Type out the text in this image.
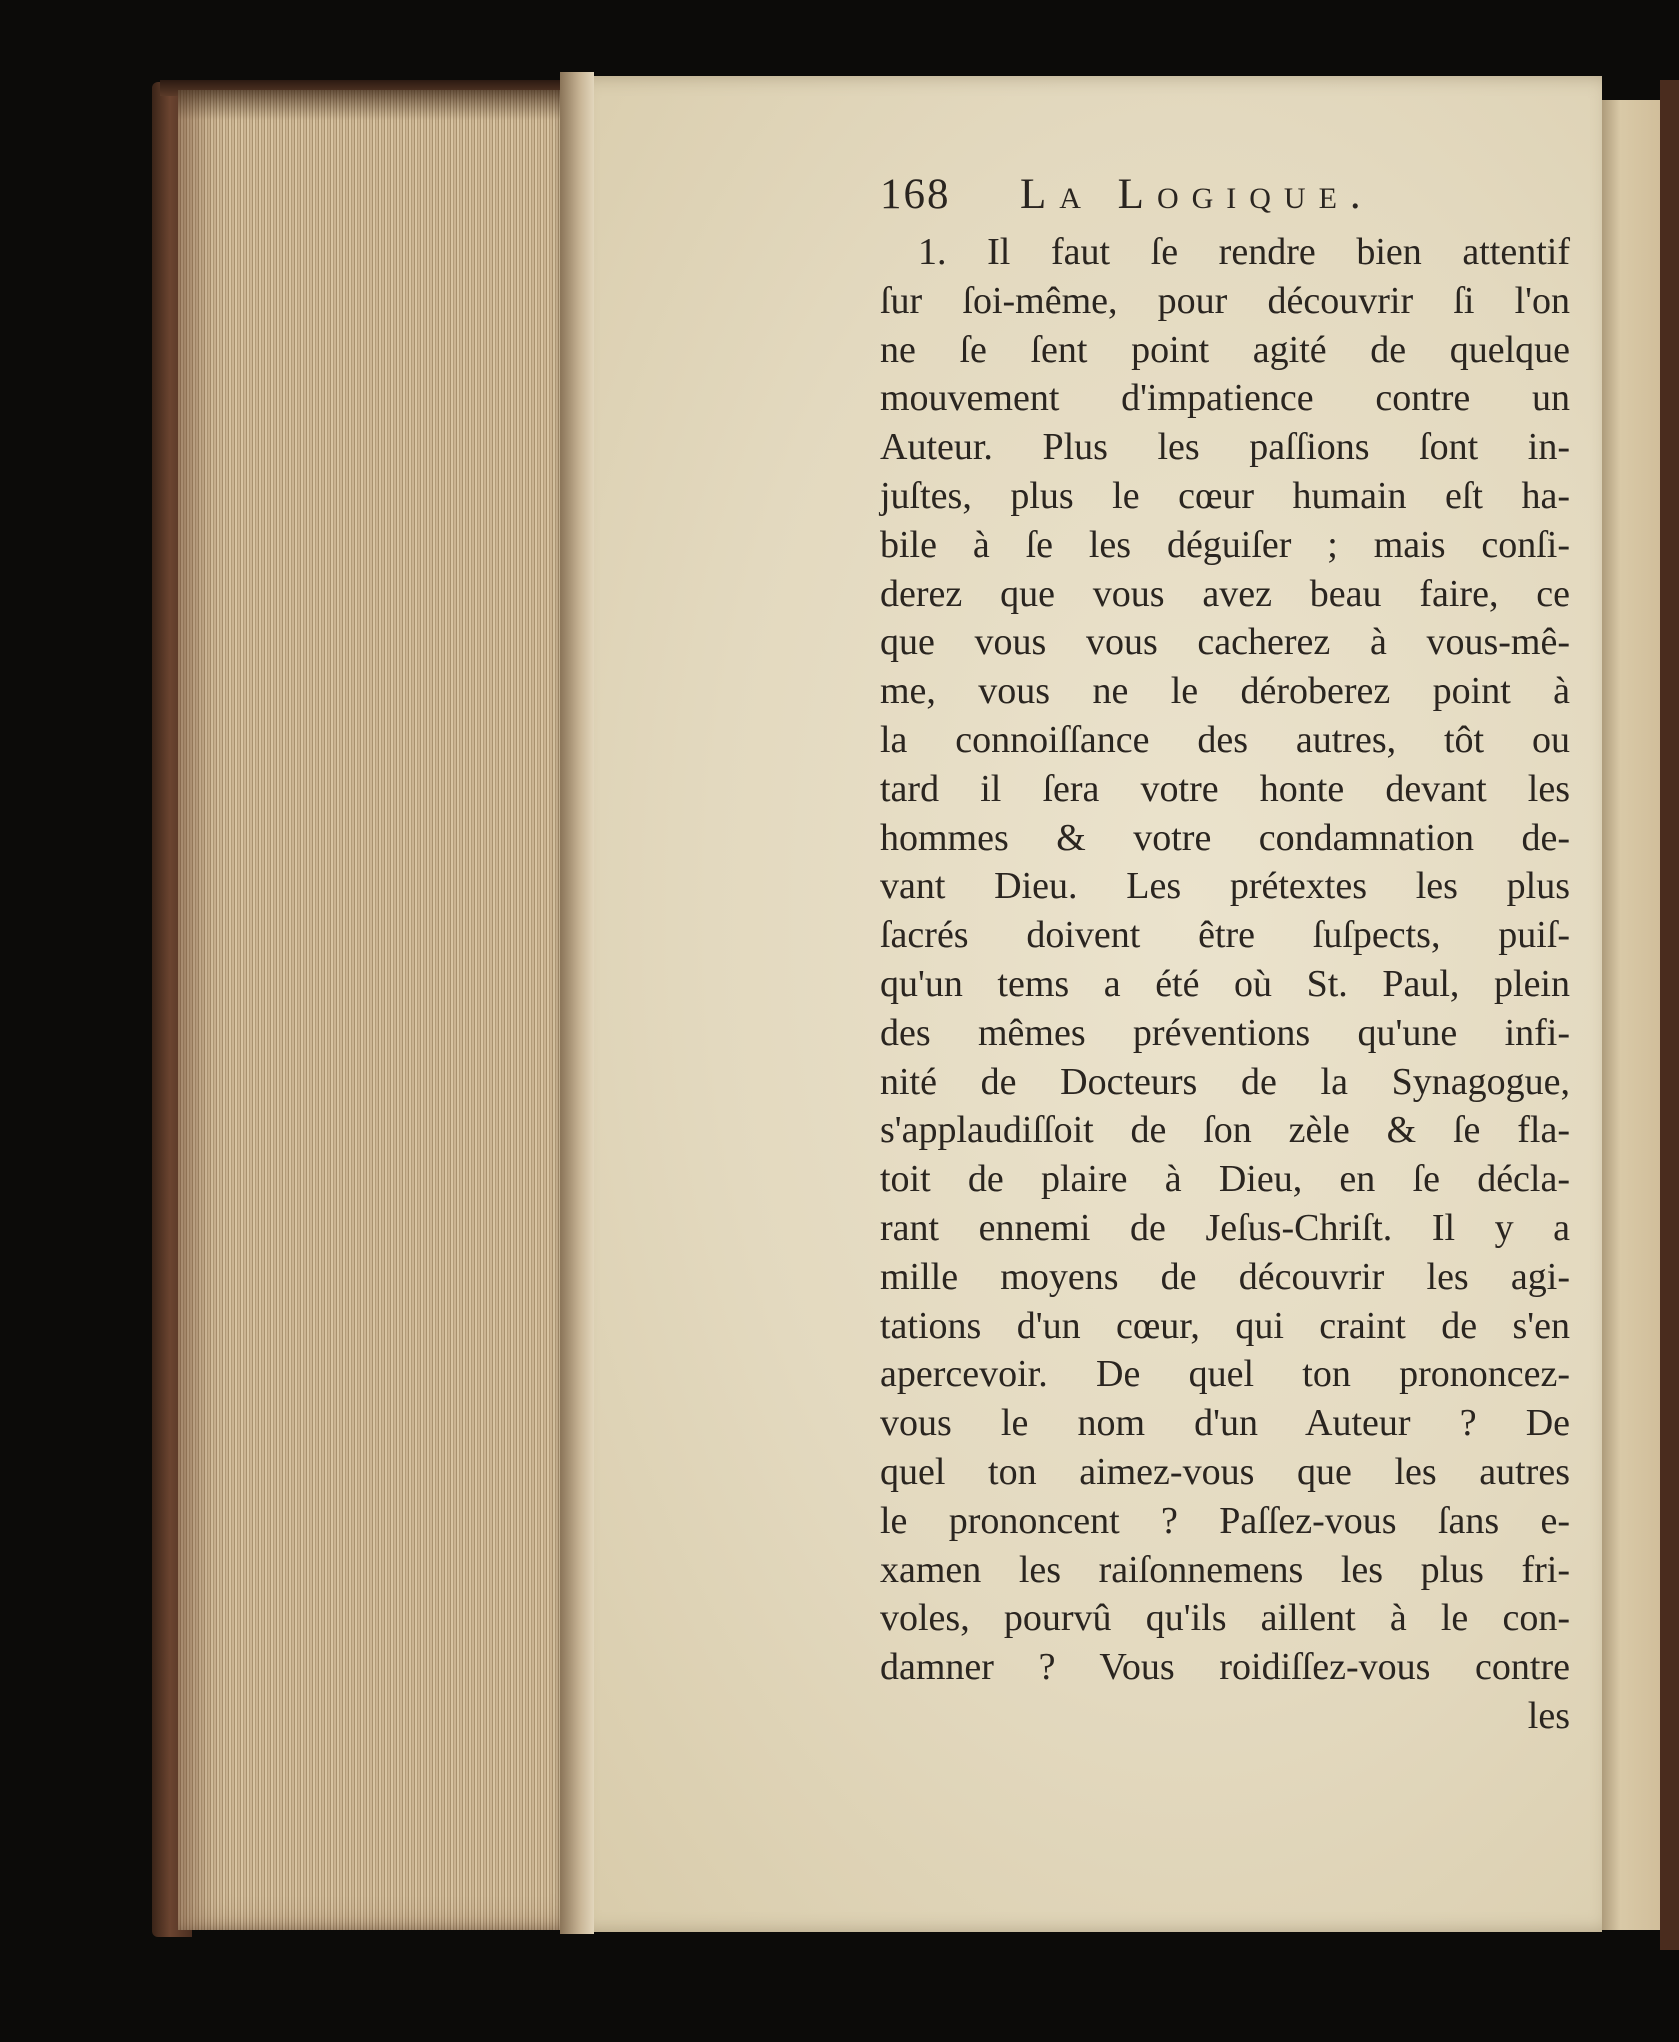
168	La Logique.
1. Il faut ſe rendre bien attentif
ſur ſoi-même, pour découvrir ſi l'on
ne ſe ſent point agité de quelque
mouvement d'impatience contre un
Auteur. Plus les paſſions ſont in-
juſtes, plus le cœur humain eſt ha-
bile à ſe les déguiſer ; mais conſi-
derez que vous avez beau faire, ce
que vous vous cacherez à vous-mê-
me, vous ne le déroberez point à
la connoiſſance des autres, tôt ou
tard il ſera votre honte devant les
hommes & votre condamnation de-
vant Dieu. Les prétextes les plus
ſacrés doivent être ſuſpects, puiſ-
qu'un tems a été où St. Paul, plein
des mêmes préventions qu'une infi-
nité de Docteurs de la Synagogue,
s'applaudiſſoit de ſon zèle & ſe fla-
toit de plaire à Dieu, en ſe décla-
rant ennemi de Jeſus-Chriſt. Il y a
mille moyens de découvrir les agi-
tations d'un cœur, qui craint de s'en
apercevoir. De quel ton prononcez-
vous le nom d'un Auteur ? De
quel ton aimez-vous que les autres
le prononcent ? Paſſez-vous ſans e-
xamen les raiſonnemens les plus fri-
voles, pourvû qu'ils aillent à le con-
damner ? Vous roidiſſez-vous contre
les
